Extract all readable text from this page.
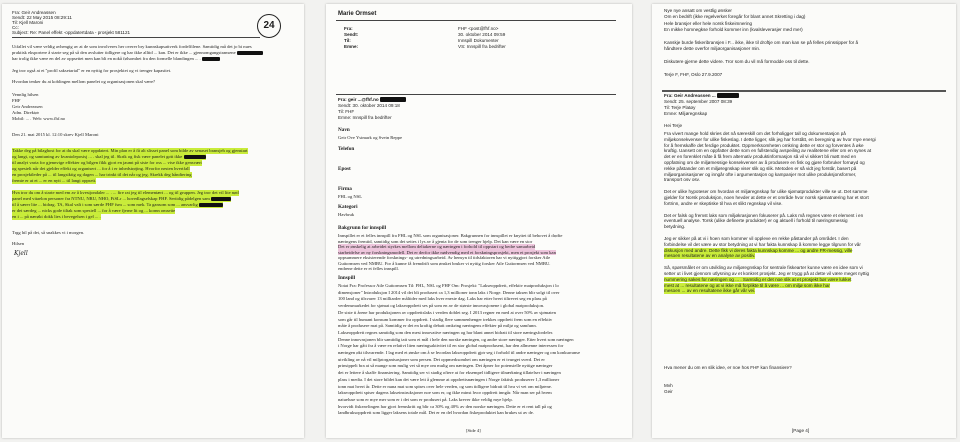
24
Fra: Geir Andreassen
Sendt: 22 May 2015 08:29:11
Til: Kjell Maroni
Cc:
Subject: Re: Panel effekt -oppdatertdata - prosjekt 581121
Utfallet vil være veldig avhengig av at de som involveres her overer bry kunnskapsattverk fordelfilene. Samtidig må det jo bi nues
praktisk eksportere å starte seg på så den avslutter tidligere og har ikke alltid ... kan. Det er ikke ... gjennomgangstransene
har trolig ikke være en del av oppsettet men kan bli en nokå følsomhet fra den formelle blandingen ... .
Jeg tror også at et "profil saksetarial" er en nyttig for prosjektet og vi trenger kapasitet.
Hvordan tenker du at koblingen mellom panelet og organisasjonen skal være?
Vennlig hilsen
FHF
Geir Andreassen
Adm. Direktør
Mobil: ... . Web: www.fhf.no
Den 21. mai 2015 kl. 12:10 skrev Kjell Maroni
Takke deg på bilaghost for at du skal være oppdatert. Min plan er å få alt slisset panel som bilde av senaset bransjeh og gjenstart
og langt, og samtuning av kvantoleposisj ... . skal jeg til. Skrik og fisk være panelet gøtt ikke
til analyt varia for gjennvige effekter og bilgen fikk gjort en jaumt på siste for oss ... vise ikke gensvært
og spesielt når det gjelder effekt og organisert ... for å i er inhedstrøjing. Hvorfor nesten hvertfall
en prosjektleder på ... til langsiktig og dagen ... har trinkt til det når og jeg. Skrekk deg håndtering
fremte er at et ... er en nytt ... til langt oppsett.
Hva tror du om å starte med em av å kvestjondaler ... . ... fire rat jeg til elementært ... og til gruppen. Jeg tror det vil lite nød
panel med vitaelon personer fra NTNU, NRU, NHO, FiSLr ... hovedlagselskap FHF. Sertidig pådelgen sam
til å særer lite ... bidrag. TA, Skal valt i som særde FHF fsm ... som mek. Ta gansom som ... ansvarlig
er det særdeg ... nicks gode tiltak som spesiell ... for å være fjerne lit og ... kornn omsette
en i ... på nærøkt dokk lies i bevegelsen i gel ... .
Trgg hil på det, så snakkes vi i morgen.
Hilsen
Kjell
Marie Ormset
Fra:	FHF <post@fhf.no>
Sendt:	30. oktober 2014 09:59
Til:	Innspill Dokumenter
Emne:	VS: Innspill fra bedrifter
Fra: geir ...@fhf.no
Sendt: 30. oktober 2014 09:18
Til: FHF
Emne: Innspill fra bedrifter
Navn
Geir Ove Ystmark og Svein Reppe
Telefon
Epost
Firma
FHL og NSL
Kategori
Havbruk
Bakgrunn for innspill
Innspillet er et felles innspill fra FHL og NSL som organisasjoner. Bakgrunnen for innspillet er knyttet til behovet å drøfte
næringens fremtid, samtidig som det settes i lys av å gjenta for de som trenger hjelp. Det kan være en stor
Det er ønskelig at arbeidet styrkes mellom deltakerne og næringen i forhold til oppstart og bedre samarbeid
starbeidelse av ny forskningsmodell. Det er derfor ikke nødvendig med et forskningsprosjekt, men et prosjekt som kan
oppsummere eksisterende forsknings- og utredningsarbeid. Av hensyn til tidsfaktoren har vi nyttiggjort forsker Atle
Guttormsen ved NMBU. For å kunne få fremdrift som ønsket bruker vi nyttig forsker Atle Guttormsen ved NMBU.
endrene dette er et felles innspill.
Innspill
Notat Fra: Professor Atle Guttormsen Til: FHL, NSL og FHF Om: Prosjekt: "Lakseoppdrett, effektiv matproduksjon i lo
dimensjoner" Introduksjon I 2014 vil det bli produsert ca 1,3 millioner tonn laks i Norge. Denne taksen blir solgt til over
100 land og tilsvarer 13 milliarder måltider med laks hver eneste dag. Laks har etter hvert tiltrevet seg en plass på
verdensmarkedet for sjømat og lakseoppdrett ses på som en av de største innovasjonene i global matproduksjon.
De siste ti årene har produksjonen av oppdrettslaks i verden doblet seg. I 2013 regner en med at over 50% av sjømaten
som går til humant konsum kommer fra oppdrett. I stadig flere sammenhenger trekkes oppdrett frem som en effektiv
måte å produsere mat på. Samtidig er det en kraftig debatt omkring næringens effekter på miljø og samfunn.
Lakseoppdrett regnes samtidig som den mest innovative næringen og har blant annet bidratt til store næringsfordeler.
Denne innovasjonen blir samtidig tatt som et mål i hele den norske næringen, og andre store næringer. Etter hvert som næringen
i Norge har gått fra å være en relativt liten næringsaktivitet til en stor global matprodusent, har den allmenne interessen for
næringen økt tilsvarende. I lag med et ønske om å se hvordan lakseoppdrett gjør seg i forhold til andre næringer og om konkurranse
utvikling av nå vil miljøorganisasjoner som persen. Det oppmerksomhet om næringen er et tvunget sverd. Det er
prinsippelt bra at så mange som mulig vet så mye om mulig om næringen. Det åpner for potensielle nyttige næringer
det er lettere å skaffe finansiering. Samtidig ser vi stadig oftere at for eksempel tidligere tilnærkning tillatelser i næringen
plass i media. I det store bildet kan det være lett å glemme at oppdrettsnæringen i Norge faktisk produserer 1,3 millioner
tonn mat hvert år. Dette er nuna mat som spises over hele verden, og som tidligere bidratt til hva vi vet om miljøene.
lakseoppdrett spiser dagens lakseinstruksjoner noe som er, og ikke minst hvor oppdrett inngår. Når man ser på hvem
natueluse som er mye mer som er i det som er produsert på. Laks krever ikke veldig mye hjelp.
hvorvidt fiskeavlingen har gjort fremskritt og blir ca 30% og 40% av den norske næringen. Dette er et rent tall på og
landbruksoppdrett som ligger laksens totale mål. Det er en del hvordan fiskeproduktet kan brukes ut av de.
[Side 4]
Fra: Geir Andreassen ...
Sendt: 25. september 2007 08:39
Til: Terje Platøy
Emne: Miljøregnskap
Hei Terje
Hva mener du om en slik idee, er noe hos FHF kan finansiere?
Mvh
Geir
[Page 4]
Nye nye ansatt om vestlig ønsker
Om en bedrift (ikke regelverket foregår for blant annet Skretting i dag)
Hele bransjer eller hele norsk fiskeimnering
En mikke homnegkse forhold kommer inn (kvalsleverasjer med mer)
Kanskje burde fiskeribransjen i F... ikke, ikke til droftje om man kan se på felles prinssipper for å
håndtere dette overfor miljøorganisasjoner min.
Diskutere gjerne dette videre. Tror som du vil må formodde oss til dette.
Terje F, FHF, Oslo 27.9.2007
Fra vivert mange hold skries det nå særeskill om det forholigger tall og dokumentasjon på
miljøkonsekvenser for ulike fiskeslag. I dette ligger, slik jeg har forstått, en beregning av hvor mye energi
for å fremskaffe det ferdige produktet. Oppmerksomheten omkring dette er stor og forventes å øke
kraftig. Uansett om en oppfatter dette som en fullstendig avspeiling av realitetene eller om en synes at
det er en forenklet måte å få frem alternativ produktinformasjon så vil vi sikkert bli møtt med en
oppfatning om de miljømessige konsekvenser av å produsere en fisk og gjøre forbruker fornøyd og
rekke påstander om et miljøregnskap viser slik og slik. Metoden er så vidt jeg forstår, basert på
miljøorganisasjoner og inngår ofte i argumentasjon og kampanjer mot ulike produksjonsformer,
transport osv osv.
Det er ulike hypoteser om hvordan et miljøregnskap for ulike sjømatprodukter ville se ut. Det samme
gjelder for Norsk produksjon, noen hevder at dette er et område hvor norsk sjømatnæring har et stort
fortrinn, andre er skeptiske til hva et slikt regnskap vil vise.
Det er falsk og fremst laks som miljøkrasjonen fokuserer på. Laks må regnes være et element i en
eventuell analyse. Torsk (ulike definerte produkter) er og aktuell i forhold til næringsmessig
betydning.
Jeg er sikker på at vi i hoen som kommer vil oppleve en rekke påstander på området. I den
forbindelse vil det være av stor betydning at vi har fakta kunnskap å komme legge tilgrunn for vår
diskusjon med andre. Dette fikk vi deres fakta kunnskap komme ... og andre FR-messig, ville
mesoen resultatene av en analyse av positiv.
Så, spørsmålet er om utvikling av miljøregnskap for sentrale fiskearter kunne være en idee som vi
setter ut i livet gjennom utlysning av et konkret prosjekt. Jeg er trygg på at dette vil være meget nyttig
nummering sakes for næringen og ... . Samtidig er det noe slik at et prosjekt bør være lukket
mest at ... resultatene og at vi ikke må forplikte til å være ... om miljø som ikke har
mesoen ... av en resultatene ikke går vår vei.
